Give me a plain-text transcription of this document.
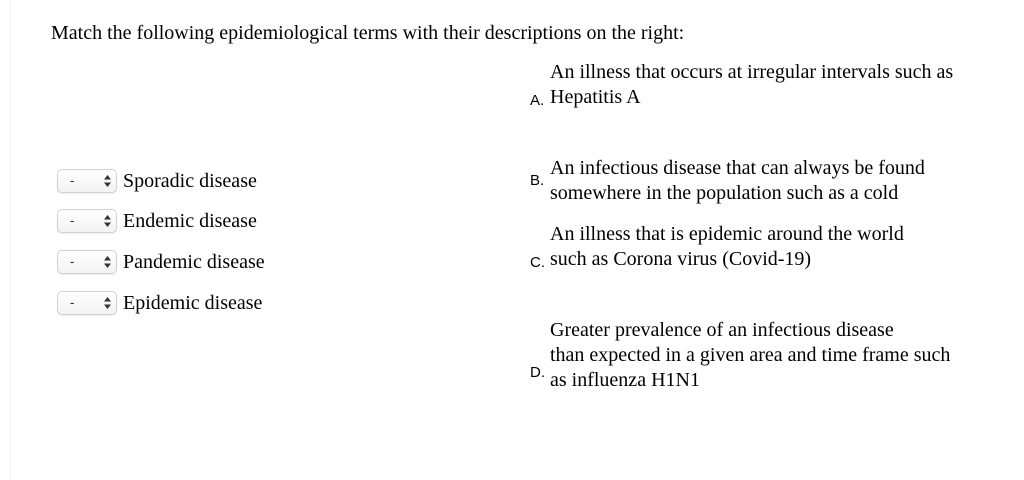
Match the following epidemiological terms with their descriptions on the right:
- Sporadic disease
- Endemic disease
- Pandemic disease
- Epidemic disease
A.
An illness that occurs at irregular intervals such as
Hepatitis A
B.
An infectious disease that can always be found
somewhere in the population such as a cold
C.
An illness that is epidemic around the world
such as Corona virus (Covid-19)
D.
Greater prevalence of an infectious disease
than expected in a given area and time frame such
as influenza H1N1
